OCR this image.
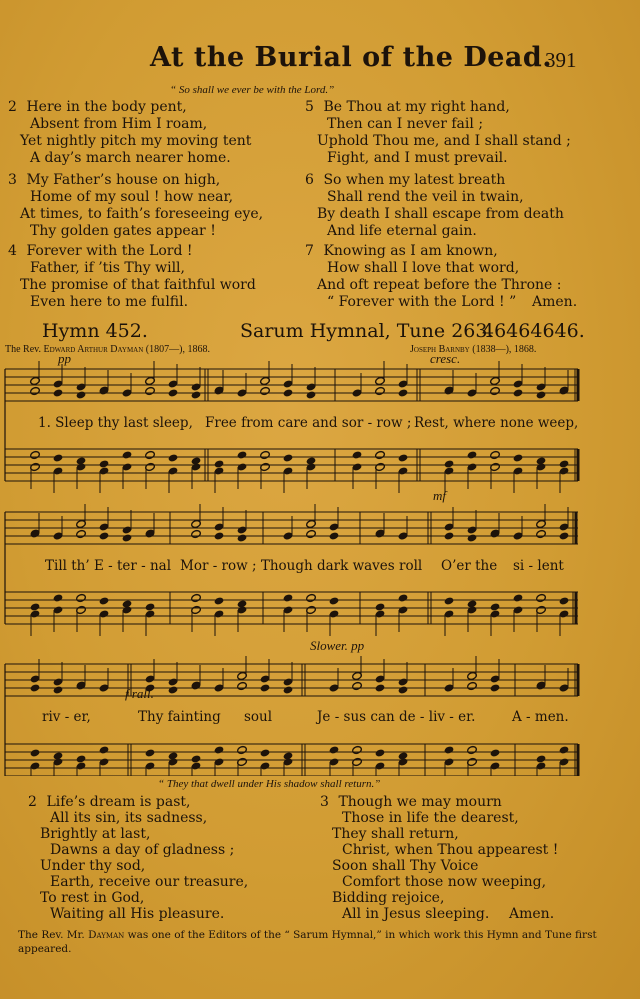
At the Burial of the Dead.
391
“ So shall we ever be with the Lord.”
2 Here in the body pent,
Absent from Him I roam,
Yet nightly pitch my moving tent
A day’s march nearer home.
3 My Father’s house on high,
Home of my soul ! how near,
At times, to faith’s foreseeing eye,
Thy golden gates appear !
4 Forever with the Lord !
Father, if ’tis Thy will,
The promise of that faithful word
Even here to me fulfil.
5 Be Thou at my right hand,
Then can I never fail ;
Uphold Thou me, and I shall stand ;
Fight, and I must prevail.
6 So when my latest breath
Shall rend the veil in twain,
By death I shall escape from death
And life eternal gain.
7 Knowing as I am known,
How shall I love that word,
And oft repeat before the Throne :
“ Forever with the Lord ! ”	Amen.
Hymn 452.	Sarum Hymnal, Tune 263.
46464646.
The Rev. Edward Arthur Dayman (1807—), 1868.	Joseph Barnby (1838—), 1868.
pp	cresc.
mf
f rall.
Slower. pp
1. Sleep thy last sleep, Free from care and sor - row ; Rest, where none weep,
Till th’ E - ter - nal Mor - row ; Though dark waves roll O’er the si - lent
riv - er,	Thy fainting soul	Je - sus can de - liv - er.	A - men.
“ They that dwell under His shadow shall return.”
2 Life’s dream is past,
All its sin, its sadness,
Brightly at last,
Dawns a day of gladness ;
Under thy sod,
Earth, receive our treasure,
To rest in God,
Waiting all His pleasure.
3 Though we may mourn
Those in life the dearest,
They shall return,
Christ, when Thou appearest !
Soon shall Thy Voice
Comfort those now weeping,
Bidding rejoice,
All in Jesus sleeping.	Amen.
The Rev. Mr. Dayman was one of the Editors of the “ Sarum Hymnal,” in which work this Hymn and Tune first appeared.
